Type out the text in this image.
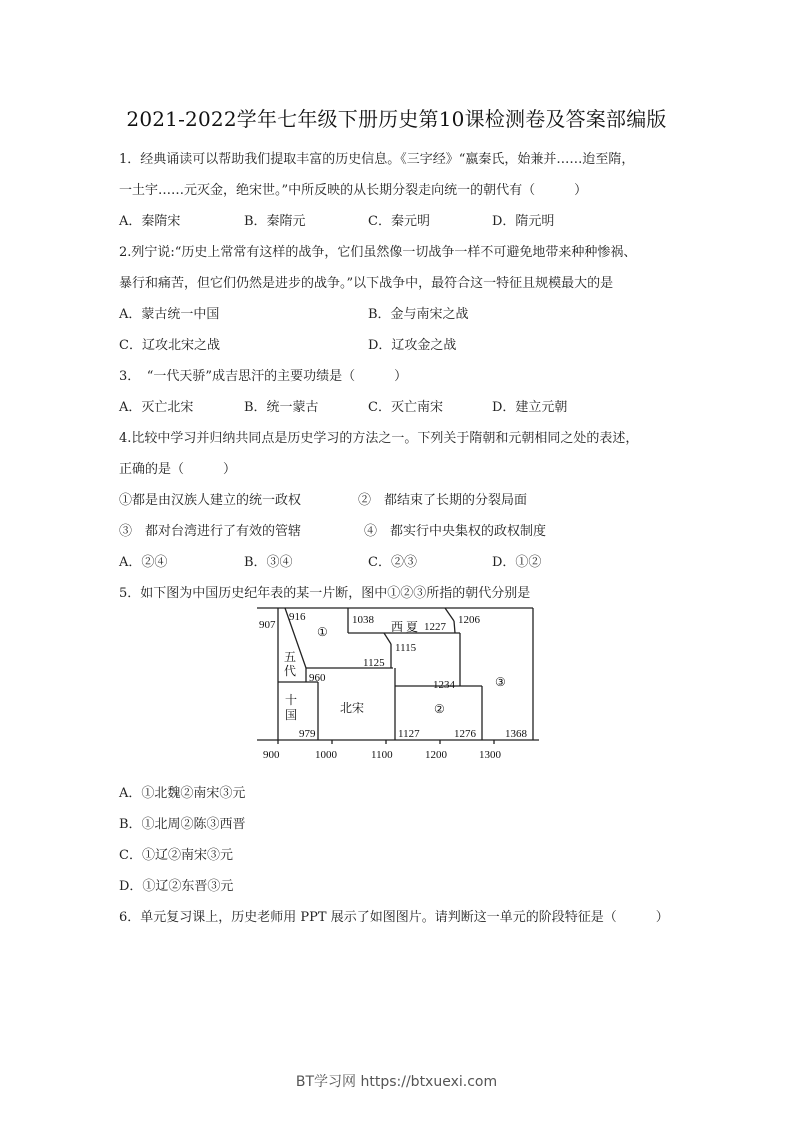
2021-2022学年七年级下册历史第10课检测卷及答案部编版
1．经典诵读可以帮助我们提取丰富的历史信息。《三字经》“嬴秦氏，始兼并……迨至隋，
一土宇……元灭金，绝宋世。”中所反映的从长期分裂走向统一的朝代有（　　　）
A．秦隋宋	B．秦隋元	C．秦元明	D．隋元明
2.列宁说:“历史上常常有这样的战争，它们虽然像一切战争一样不可避免地带来种种惨祸、
暴行和痛苦，但它们仍然是进步的战争。”以下战争中，最符合这一特征且规模最大的是
A．蒙古统一中国	B．金与南宋之战
C．辽攻北宋之战	D．辽攻金之战
3．　“一代天骄”成吉思汗的主要功绩是（　　　）
A．灭亡北宋	B．统一蒙古	C．灭亡南宋	D．建立元朝
4.比较中学习并归纳共同点是历史学习的方法之一。下列关于隋朝和元朝相同之处的表述，
正确的是（　　　）
①都是由汉族人建立的统一政权	②　都结束了长期的分裂局面
③　都对台湾进行了有效的管辖	④　都实行中央集权的政权制度
A．②④	B．③④	C．②③	D．①②
5．如下图为中国历史纪年表的某一片断，图中①②③所指的朝代分别是
907
916	1038
1227
1206
1115
1125
960
1234
979	1127	1276	1368
①
②
③
五
代
十
国	北宋
西 夏
900	1000	1100	1200	1300
A．①北魏②南宋③元
B．①北周②陈③西晋
C．①辽②南宋③元
D．①辽②东晋③元
6．单元复习课上，历史老师用 PPT 展示了如图图片。请判断这一单元的阶段特征是（　　　）
BT学习网 https://btxuexi.com
